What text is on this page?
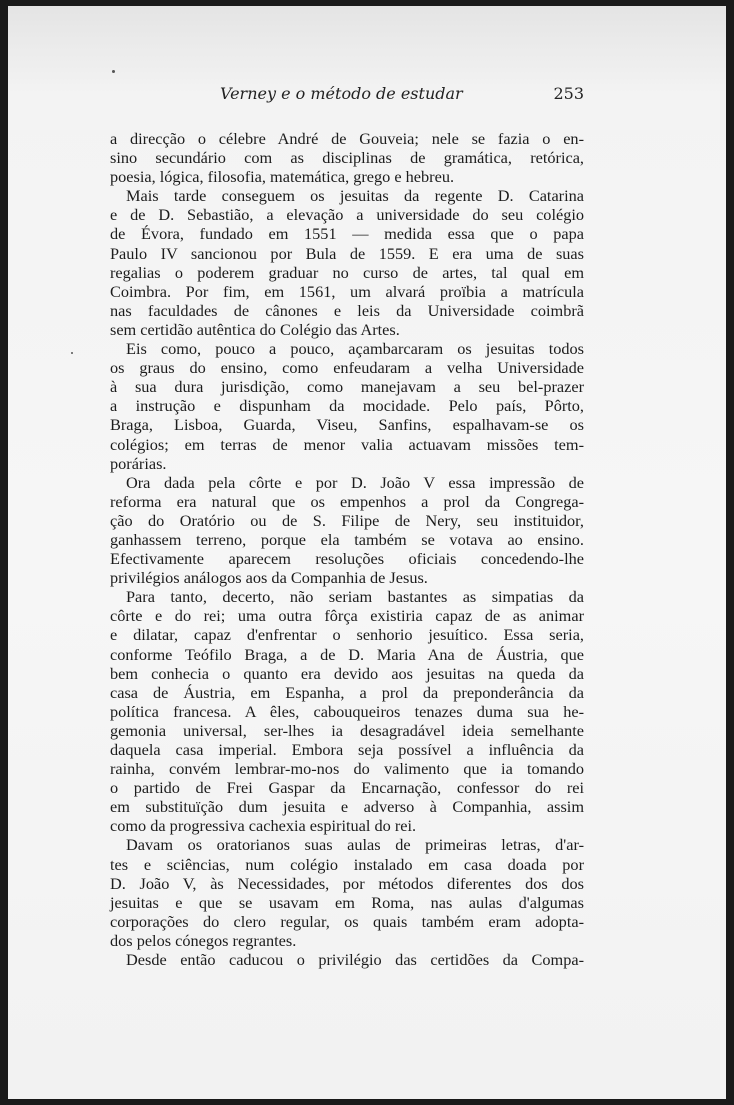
Verney e o método de estudar	253
a direcção o célebre André de Gouveia; nele se fazia o en-
sino secundário com as disciplinas de gramática, retórica,
poesia, lógica, filosofia, matemática, grego e hebreu.
Mais tarde conseguem os jesuitas da regente D. Catarina
e de D. Sebastião, a elevação a universidade do seu colégio
de Évora, fundado em 1551 — medida essa que o papa
Paulo IV sancionou por Bula de 1559. E era uma de suas
regalias o poderem graduar no curso de artes, tal qual em
Coimbra. Por fim, em 1561, um alvará proïbia a matrícula
nas faculdades de cânones e leis da Universidade coimbrã
sem certidão autêntica do Colégio das Artes.
Eis como, pouco a pouco, açambarcaram os jesuitas todos
os graus do ensino, como enfeudaram a velha Universidade
à sua dura jurisdição, como manejavam a seu bel-prazer
a instrução e dispunham da mocidade. Pelo país, Pôrto,
Braga, Lisboa, Guarda, Viseu, Sanfins, espalhavam-se os
colégios; em terras de menor valia actuavam missões tem-
porárias.
Ora dada pela côrte e por D. João V essa impressão de
reforma era natural que os empenhos a prol da Congrega-
ção do Oratório ou de S. Filipe de Nery, seu instituidor,
ganhassem terreno, porque ela também se votava ao ensino.
Efectivamente aparecem resoluções oficiais concedendo-lhe
privilégios análogos aos da Companhia de Jesus.
Para tanto, decerto, não seriam bastantes as simpatias da
côrte e do rei; uma outra fôrça existiria capaz de as animar
e dilatar, capaz d'enfrentar o senhorio jesuítico. Essa seria,
conforme Teófilo Braga, a de D. Maria Ana de Áustria, que
bem conhecia o quanto era devido aos jesuitas na queda da
casa de Áustria, em Espanha, a prol da preponderância da
política francesa. A êles, cabouqueiros tenazes duma sua he-
gemonia universal, ser-lhes ia desagradável ideia semelhante
daquela casa imperial. Embora seja possível a influência da
rainha, convém lembrar-mo-nos do valimento que ia tomando
o partido de Frei Gaspar da Encarnação, confessor do rei
em substituïção dum jesuita e adverso à Companhia, assim
como da progressiva cachexia espiritual do rei.
Davam os oratorianos suas aulas de primeiras letras, d'ar-
tes e sciências, num colégio instalado em casa doada por
D. João V, às Necessidades, por métodos diferentes dos dos
jesuitas e que se usavam em Roma, nas aulas d'algumas
corporações do clero regular, os quais também eram adopta-
dos pelos cónegos regrantes.
Desde então caducou o privilégio das certidões da Compa-
